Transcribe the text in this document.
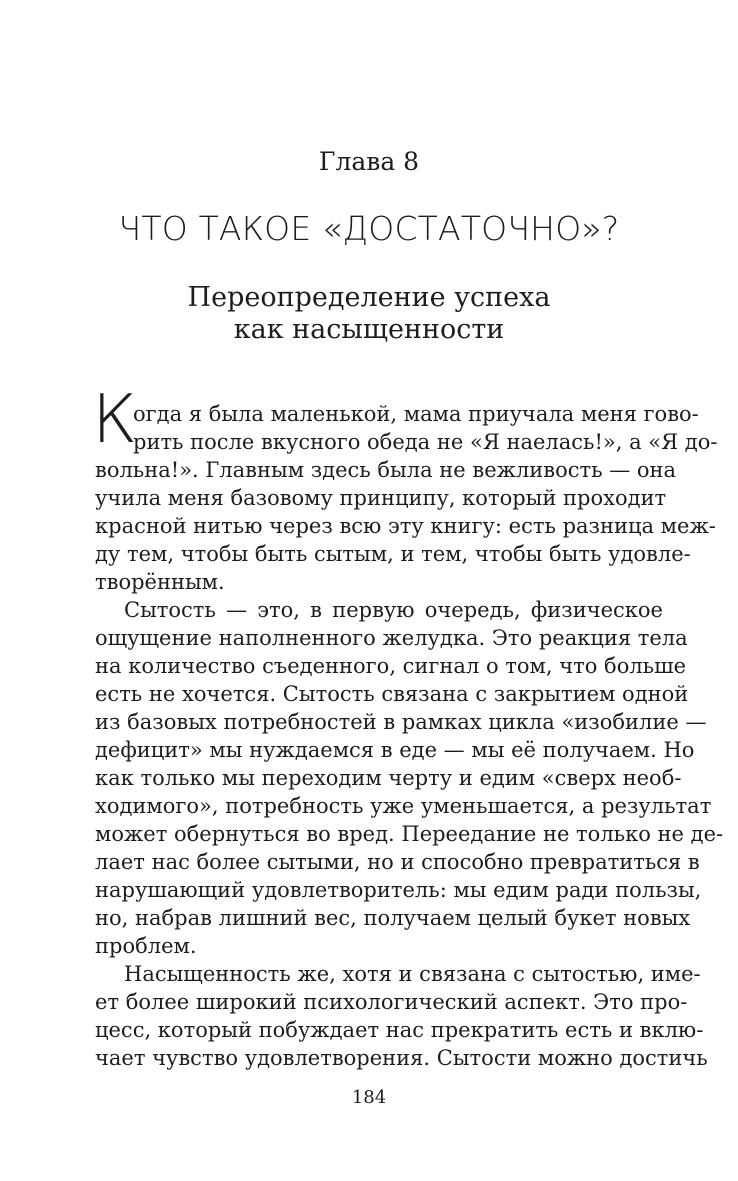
Глава 8
ЧТО ТАКОЕ «ДОСТАТОЧНО»?
Переопределение успеха
как насыщенности
К
огда я была маленькой, мама приучала меня гово-
рить после вкусного обеда не «Я наелась!», а «Я до-
вольна!». Главным здесь была не вежливость — она
учила меня базовому принципу, который проходит
красной нитью через всю эту книгу: есть разница меж-
ду тем, чтобы быть сытым, и тем, чтобы быть удовле-
творённым.
Сытость — это, в первую очередь, физическое
ощущение наполненного желудка. Это реакция тела
на количество съеденного, сигнал о том, что больше
есть не хочется. Сытость связана с закрытием одной
из базовых потребностей в рамках цикла «изобилие —
дефицит» мы нуждаемся в еде — мы её получаем. Но
как только мы переходим черту и едим «сверх необ-
ходимого», потребность уже уменьшается, а результат
может обернуться во вред. Переедание не только не де-
лает нас более сытыми, но и способно превратиться в
нарушающий удовлетворитель: мы едим ради пользы,
но, набрав лишний вес, получаем целый букет новых
проблем.
Насыщенность же, хотя и связана с сытостью, име-
ет более широкий психологический аспект. Это про-
цесс, который побуждает нас прекратить есть и вклю-
чает чувство удовлетворения. Сытости можно достичь
184
